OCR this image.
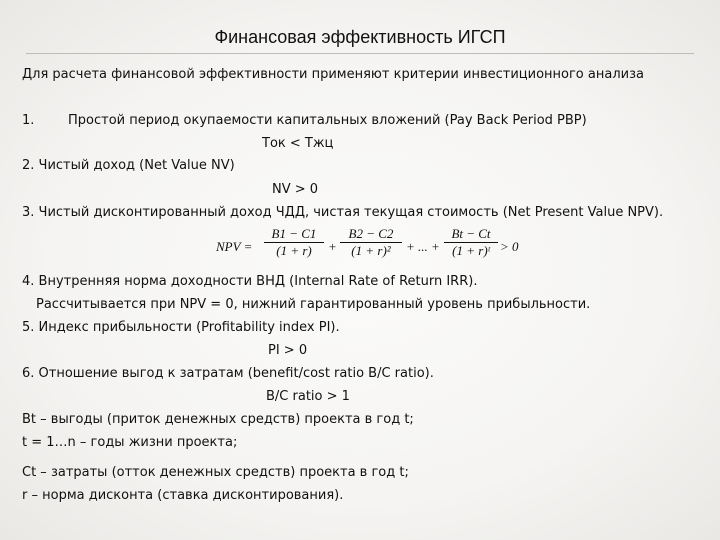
Финансовая эффективность ИГСП
Для расчета финансовой эффективности применяют критерии инвестиционного анализа
1.	Простой период окупаемости капитальных вложений (Pay Back Period PBP)
Ток < Тжц
2. Чистый доход (Net Value NV)
NV > 0
3. Чистый дисконтированный доход ЧДД, чистая текущая стоимость (Net Present Value NPV).
NPV = $\frac{B1 - C1}{(1 + r)} + \frac{B2 - C2}{\text{(1 + r)²}}$ + ... + $\frac{Bt - Ct}{\text{(1 + r)ᵗ}} > 0$
4. Внутренняя норма доходности ВНД (Internal Rate of Return IRR).
Рассчитывается при NPV = 0, нижний гарантированный уровень прибыльности.
5. Индекс прибыльности (Profitability index PI).
PI > 0
6. Отношение выгод к затратам (benefit/cost ratio B/C ratio).
B/C ratio > 1
Bt – выгоды (приток денежных средств) проекта в год t;
t = 1…n – годы жизни проекта;
Ct – затраты (отток денежных средств) проекта в год t;
r – норма дисконта (ставка дисконтирования).
